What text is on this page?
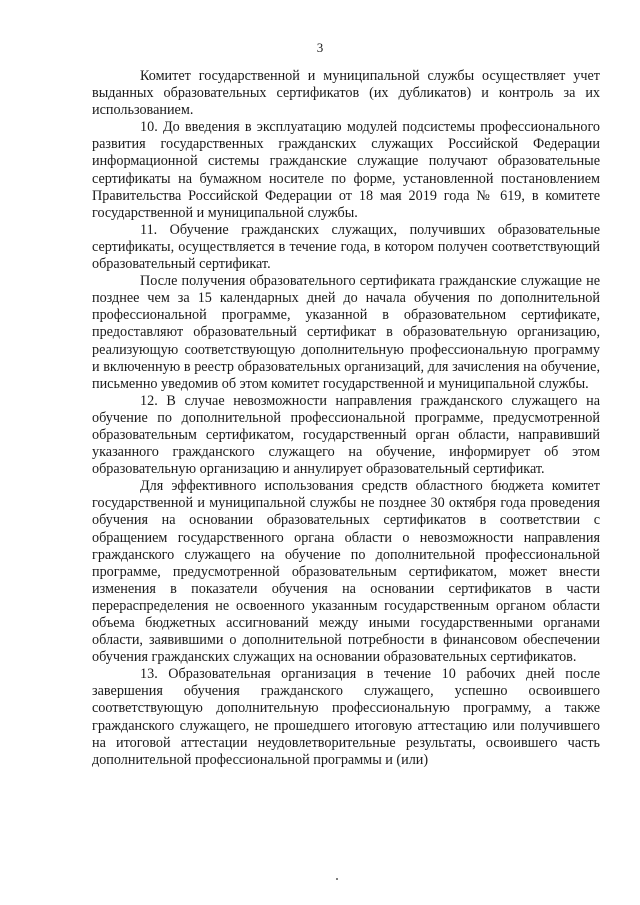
3

Комитет государственной и муниципальной службы осуществляет учет выданных образовательных сертификатов (их дубликатов) и контроль за их использованием.

10. До введения в эксплуатацию модулей подсистемы профессионального развития государственных гражданских служащих Российской Федерации информационной системы гражданские служащие получают образовательные сертификаты на бумажном носителе по форме, установленной постановлением Правительства Российской Федерации от 18 мая 2019 года № 619, в комитете государственной и муниципальной службы.

11. Обучение гражданских служащих, получивших образовательные сертификаты, осуществляется в течение года, в котором получен соответствующий образовательный сертификат.

После получения образовательного сертификата гражданские служащие не позднее чем за 15 календарных дней до начала обучения по дополнительной профессиональной программе, указанной в образовательном сертификате, предоставляют образовательный сертификат в образовательную организацию, реализующую соответствующую дополнительную профессиональную программу и включенную в реестр образовательных организаций, для зачисления на обучение, письменно уведомив об этом комитет государственной и муниципальной службы.

12. В случае невозможности направления гражданского служащего на обучение по дополнительной профессиональной программе, предусмотренной образовательным сертификатом, государственный орган области, направивший указанного гражданского служащего на обучение, информирует об этом образовательную организацию и аннулирует образовательный сертификат.

Для эффективного использования средств областного бюджета комитет государственной и муниципальной службы не позднее 30 октября года проведения обучения на основании образовательных сертификатов в соответствии с обращением государственного органа области о невозможности направления гражданского служащего на обучение по дополнительной профессиональной программе, предусмотренной образовательным сертификатом, может внести изменения в показатели обучения на основании сертификатов в части перераспределения не освоенного указанным государственным органом области объема бюджетных ассигнований между иными государственными органами области, заявившими о дополнительной потребности в финансовом обеспечении обучения гражданских служащих на основании образовательных сертификатов.

13. Образовательная организация в течение 10 рабочих дней после завершения обучения гражданского служащего, успешно освоившего соответствующую дополнительную профессиональную программу, а также гражданского служащего, не прошедшего итоговую аттестацию или получившего на итоговой аттестации неудовлетворительные результаты, освоившего часть дополнительной профессиональной программы и (или)
